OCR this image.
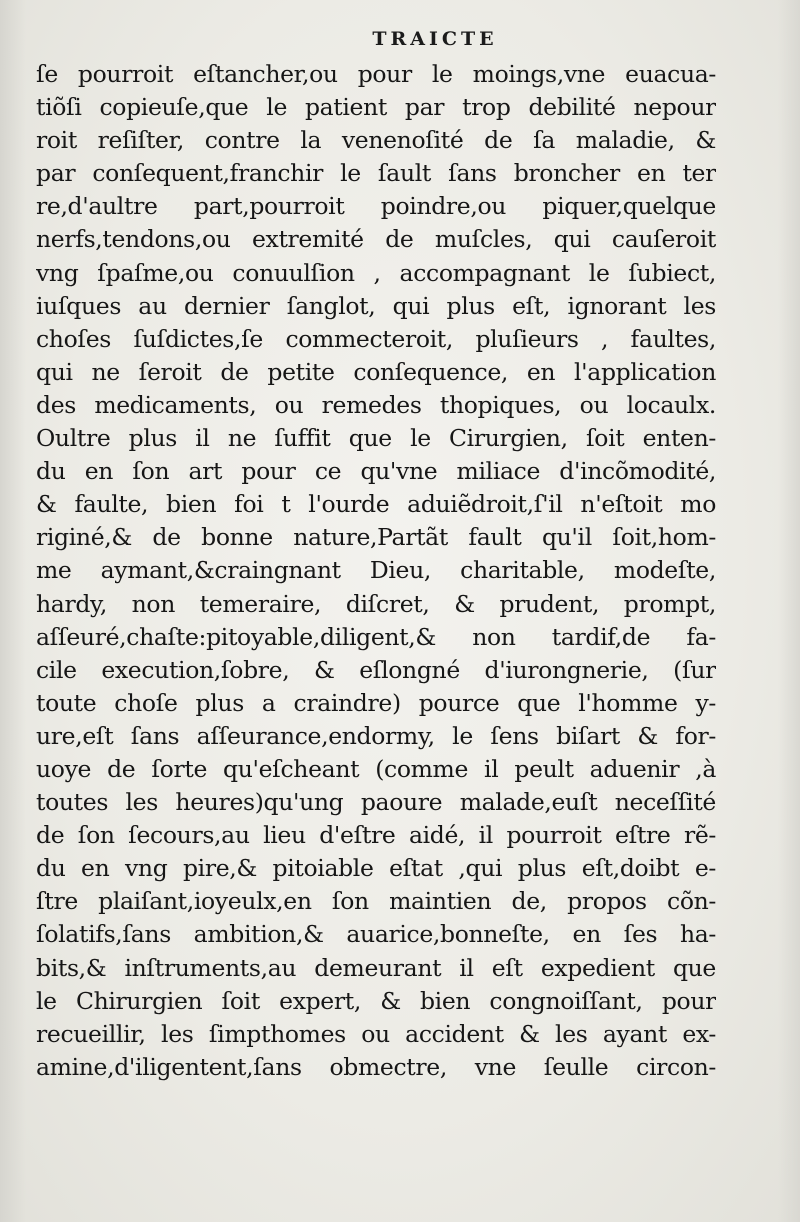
TRAICTE
ſe pourroit eſtancher,ou pour le moings,vne euacua-
tiõſi copieuſe,que le patient par trop debilité nepour
roit reſiſter, contre la venenoſité de ſa maladie, &
par conſequent,franchir le ſault ſans broncher en ter
re,d'aultre part,pourroit poindre,ou piquer,quelque
nerfs,tendons,ou extremité de muſcles, qui cauſeroit
vng ſpaſme,ou conuulſion , accompagnant le ſubiect,
iuſques au dernier ſanglot, qui plus eſt, ignorant les
choſes ſuſdictes,ſe commecteroit, pluſieurs , faultes,
qui ne ſeroit de petite conſequence, en l'application
des medicaments, ou remedes thopiques, ou locaulx.
Oultre plus il ne ſuffit que le Cirurgien, ſoit enten-
du en ſon art pour ce qu'vne miliace d'incõmodité,
& faulte, bien foi t l'ourde aduiẽdroit,ſ'il n'eſtoit mo
riginé,& de bonne nature,Partãt fault qu'il ſoit,hom-
me aymant,&craingnant Dieu, charitable, modeſte,
hardy, non temeraire, diſcret, & prudent, prompt,
aſſeuré,chaſte:pitoyable,diligent,& non tardif,de fa-
cile execution,ſobre, & eſlongné d'iurongnerie, (ſur
toute choſe plus a craindre) pource que l'homme y-
ure,eſt ſans aſſeurance,endormy, le ſens biſart & for-
uoye de ſorte qu'eſcheant (comme il peult aduenir ,à
toutes les heures)qu'ung paoure malade,euſt neceſſité
de ſon ſecours,au lieu d'eſtre aidé, il pourroit eſtre rẽ-
du en vng pire,& pitoiable eſtat ,qui plus eſt,doibt e-
ſtre plaiſant,ioyeulx,en ſon maintien de, propos cõn-
ſolatifs,ſans ambition,& auarice,bonneſte, en ſes ha-
bits,& inſtruments,au demeurant il eſt expedient que
le Chirurgien ſoit expert, & bien congnoiſſant, pour
recueillir, les ſimpthomes ou accident & les ayant ex-
amine,d'iligentent,ſans obmectre, vne ſeulle circon-
